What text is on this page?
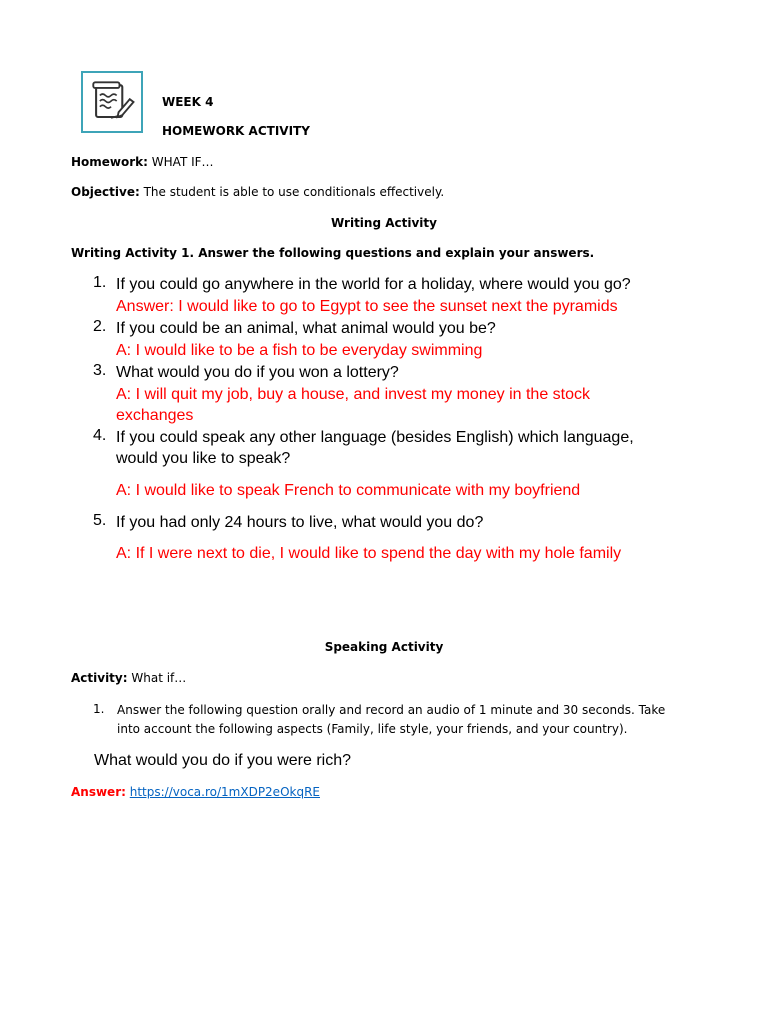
WEEK 4
HOMEWORK ACTIVITY
Homework: WHAT IF…
Objective: The student is able to use conditionals effectively.
Writing Activity
Writing Activity 1. Answer the following questions and explain your answers.
1. If you could go anywhere in the world for a holiday, where would you go?
Answer: I would like to go to Egypt to see the sunset next the pyramids
2. If you could be an animal, what animal would you be?
A: I would like to be a fish to be everyday swimming
3. What would you do if you won a lottery?
A: I will quit my job, buy a house, and invest my money in the stock exchanges
4. If you could speak any other language (besides English) which language, would you like to speak?
A: I would like to speak French to communicate with my boyfriend
5. If you had only 24 hours to live, what would you do?
A: If I were next to die, I would like to spend the day with my hole family
Speaking Activity
Activity: What if…
1. Answer the following question orally and record an audio of 1 minute and 30 seconds. Take into account the following aspects (Family, life style, your friends, and your country).
What would you do if you were rich?
Answer: https://voca.ro/1mXDP2eOkqRE
